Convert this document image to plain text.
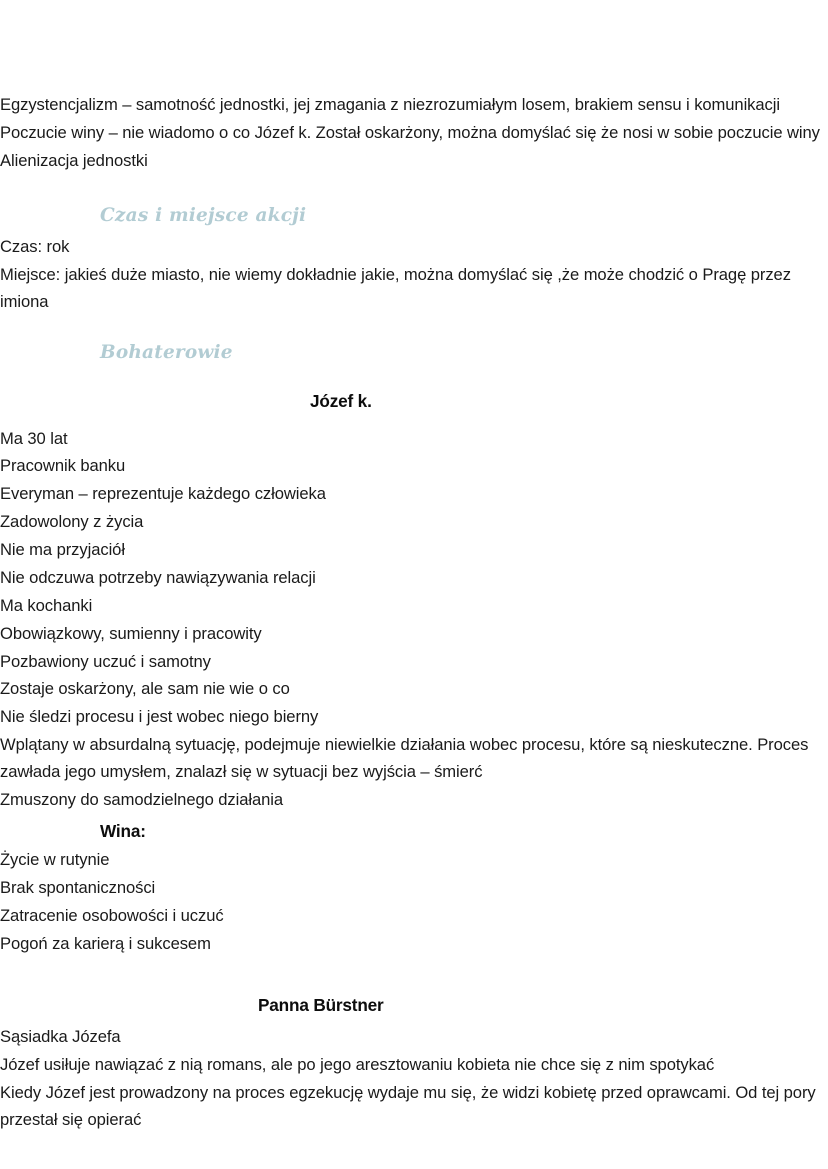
• Egzystencjalizm – samotność jednostki, jej zmagania z niezrozumiałym losem, brakiem sensu i komunikacji
• Poczucie winy – nie wiadomo o co Józef k. Został oskarżony, można domyślać się że nosi w sobie poczucie winy
• Alienizacja jednostki
Czas i miejsce akcji
• Czas: rok
• Miejsce: jakieś duże miasto, nie wiemy dokładnie jakie, można domyślać się ,że może chodzić o Pragę przez imiona
Bohaterowie
Józef k.
• Ma 30 lat
• Pracownik banku
• Everyman – reprezentuje każdego człowieka
• Zadowolony z życia
• Nie ma przyjaciół
• Nie odczuwa potrzeby nawiązywania relacji
• Ma kochanki
• Obowiązkowy, sumienny i pracowity
• Pozbawiony uczuć i samotny
• Zostaje oskarżony, ale sam nie wie o co
• Nie śledzi procesu i jest wobec niego bierny
• Wplątany w absurdalną sytuację, podejmuje niewielkie działania wobec procesu, które są nieskuteczne. Proces zawłada jego umysłem, znalazł się w sytuacji bez wyjścia – śmierć
• Zmuszony do samodzielnego działania
Wina:
• Życie w rutynie
• Brak spontaniczności
• Zatracenie osobowości i uczuć
• Pogoń za karierą i sukcesem
Panna Bürstner
• Sąsiadka Józefa
• Józef usiłuje nawiązać z nią romans, ale po jego aresztowaniu kobieta nie chce się z nim spotykać
• Kiedy Józef jest prowadzony na proces egzekucję wydaje mu się, że widzi kobietę przed oprawcami. Od tej pory przestał się opierać
